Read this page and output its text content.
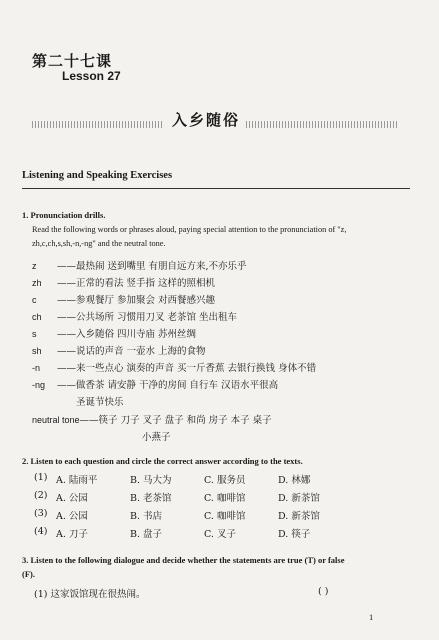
第二十七课
Lesson 27
入乡随俗
Listening and Speaking Exercises
1. Pronunciation drills.
Read the following words or phrases aloud, paying special attention to the pronunciation of "z,
zh,c,ch,s,sh,-n,-ng" and the neutral tone.
z ——最热闹 送到嘴里 有朋自远方来,不亦乐乎
zh ——正常的看法 竖手指 这样的照相机
c ——参观餐厅 参加聚会 对西餐感兴趣
ch ——公共场所 习惯用刀叉 老茶馆 坐出租车
s ——入乡随俗 四川寺庙 苏州丝绸
sh ——说话的声音 一壶水 上海的食物
-n ——来一些点心 演奏的声音 买一斤香蕉 去银行换钱 身体不错
-ng ——做香茶 请安静 干净的房间 自行车 汉语水平很高
圣诞节快乐
neutral tone——筷子 刀子 叉子 盘子 和尚 房子 本子 桌子
小燕子
2. Listen to each question and circle the correct answer according to the texts.
(1) A. 陆雨平	B. 马大为	C. 服务员	D. 林娜
(2) A. 公园	B. 老茶馆	C. 咖啡馆	D. 新茶馆
(3) A. 公园	B. 书店	C. 咖啡馆	D. 新茶馆
(4) A. 刀子	B. 盘子	C. 叉子	D. 筷子
3. Listen to the following dialogue and decide whether the statements are true (T) or false
(F).
(1) 这家饭馆现在很热闹。	( )
1
